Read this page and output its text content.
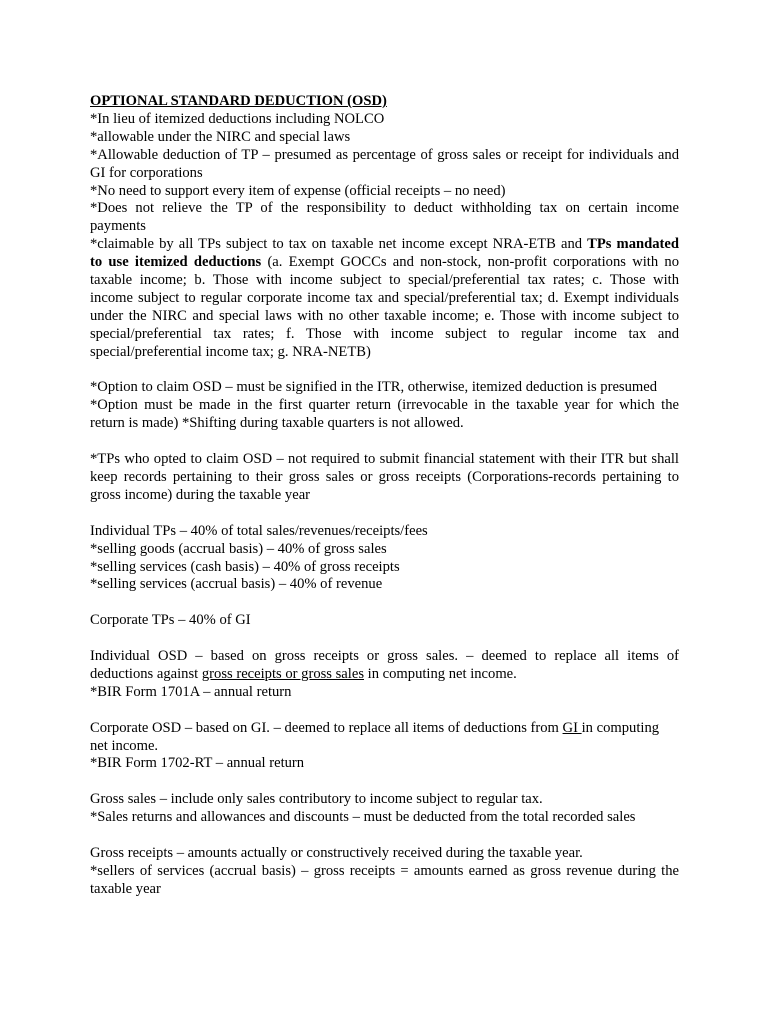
OPTIONAL STANDARD DEDUCTION (OSD)
*In lieu of itemized deductions including NOLCO
*allowable under the NIRC and special laws
*Allowable deduction of TP – presumed as percentage of gross sales or receipt for individuals and
GI for corporations
*No need to support every item of expense (official receipts – no need)
*Does not relieve the TP of the responsibility to deduct withholding tax on certain income
payments
*claimable by all TPs subject to tax on taxable net income except NRA-ETB and TPs mandated
to use itemized deductions (a. Exempt GOCCs and non-stock, non-profit corporations with no
taxable income; b. Those with income subject to special/preferential tax rates; c. Those with
income subject to regular corporate income tax and special/preferential tax; d. Exempt individuals
under the NIRC and special laws with no other taxable income; e. Those with income subject to
special/preferential tax rates; f. Those with income subject to regular income tax and
special/preferential income tax; g. NRA-NETB)
*Option to claim OSD – must be signified in the ITR, otherwise, itemized deduction is presumed
*Option must be made in the first quarter return (irrevocable in the taxable year for which the
return is made) *Shifting during taxable quarters is not allowed.
*TPs who opted to claim OSD – not required to submit financial statement with their ITR but shall
keep records pertaining to their gross sales or gross receipts (Corporations-records pertaining to
gross income) during the taxable year
Individual TPs – 40% of total sales/revenues/receipts/fees
*selling goods (accrual basis) – 40% of gross sales
*selling services (cash basis) – 40% of gross receipts
*selling services (accrual basis) – 40% of revenue
Corporate TPs – 40% of GI
Individual OSD – based on gross receipts or gross sales. – deemed to replace all items of
deductions against gross receipts or gross sales in computing net income.
*BIR Form 1701A – annual return
Corporate OSD – based on GI. – deemed to replace all items of deductions from GI in computing
net income.
*BIR Form 1702-RT – annual return
Gross sales – include only sales contributory to income subject to regular tax.
*Sales returns and allowances and discounts – must be deducted from the total recorded sales
Gross receipts – amounts actually or constructively received during the taxable year.
*sellers of services (accrual basis) – gross receipts = amounts earned as gross revenue during the
taxable year
